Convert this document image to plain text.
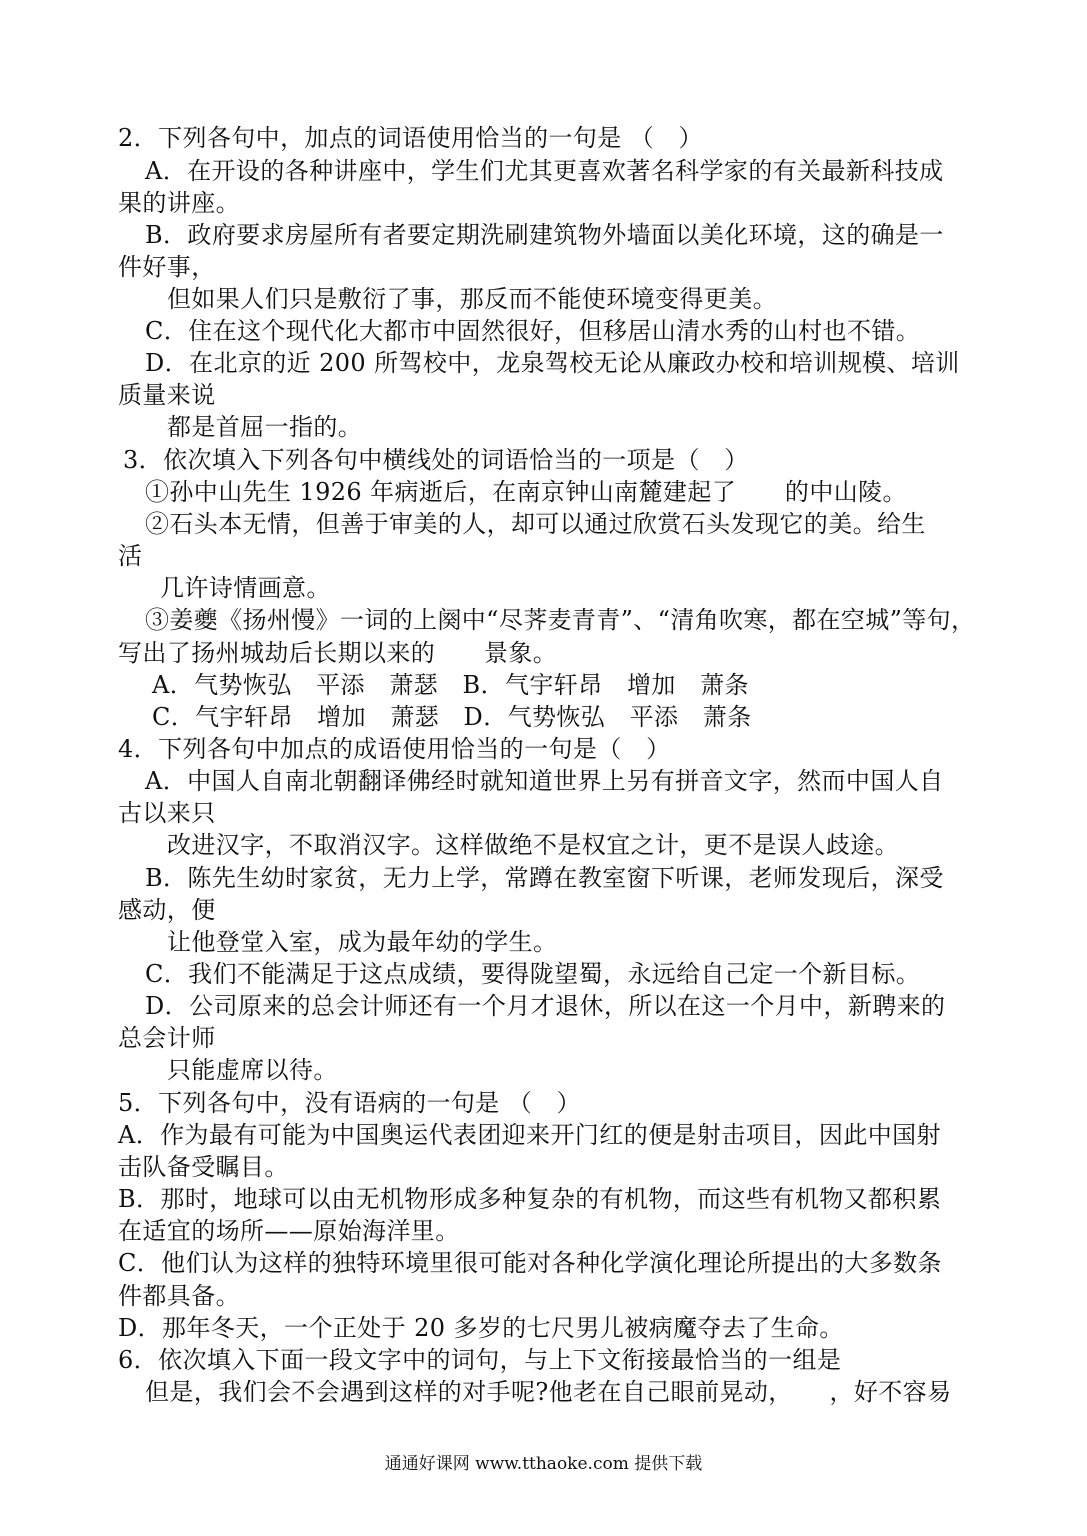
2．下列各句中，加点的词语使用恰当的一句是 （　）
A．在开设的各种讲座中，学生们尤其更喜欢著名科学家的有关最新科技成
果的讲座。
B．政府要求房屋所有者要定期洗刷建筑物外墙面以美化环境，这的确是一
件好事，
但如果人们只是敷衍了事，那反而不能使环境变得更美。
C．住在这个现代化大都市中固然很好，但移居山清水秀的山村也不错。
D．在北京的近 200 所驾校中，龙泉驾校无论从廉政办校和培训规模、培训
质量来说
都是首屈一指的。
3．依次填入下列各句中横线处的词语恰当的一项是（　）
①孙中山先生 1926 年病逝后，在南京钟山南麓建起了　　的中山陵。
②石头本无情，但善于审美的人，却可以通过欣赏石头发现它的美。给生
活
几许诗情画意。
③姜夔《扬州慢》一词的上阕中“尽荠麦青青”、“清角吹寒，都在空城”等句，
写出了扬州城劫后长期以来的　　景象。
A．气势恢弘　平添　萧瑟　B．气宇轩昂　增加　萧条
C．气宇轩昂　增加　萧瑟　D．气势恢弘　平添　萧条
4．下列各句中加点的成语使用恰当的一句是（　）
A．中国人自南北朝翻译佛经时就知道世界上另有拼音文字，然而中国人自
古以来只
改进汉字，不取消汉字。这样做绝不是权宜之计，更不是误人歧途。
B．陈先生幼时家贫，无力上学，常蹲在教室窗下听课，老师发现后，深受
感动，便
让他登堂入室，成为最年幼的学生。
C．我们不能满足于这点成绩，要得陇望蜀，永远给自己定一个新目标。
D．公司原来的总会计师还有一个月才退休，所以在这一个月中，新聘来的
总会计师
只能虚席以待。
5．下列各句中，没有语病的一句是 （　）
A．作为最有可能为中国奥运代表团迎来开门红的便是射击项目，因此中国射
击队备受瞩目。
B．那时，地球可以由无机物形成多种复杂的有机物，而这些有机物又都积累
在适宜的场所——原始海洋里。
C．他们认为这样的独特环境里很可能对各种化学演化理论所提出的大多数条
件都具备。
D．那年冬天，一个正处于 20 多岁的七尺男儿被病魔夺去了生命。
6．依次填入下面一段文字中的词句，与上下文衔接最恰当的一组是
但是，我们会不会遇到这样的对手呢?他老在自己眼前晃动，　　，好不容易
通通好课网 www.tthaoke.com 提供下载
